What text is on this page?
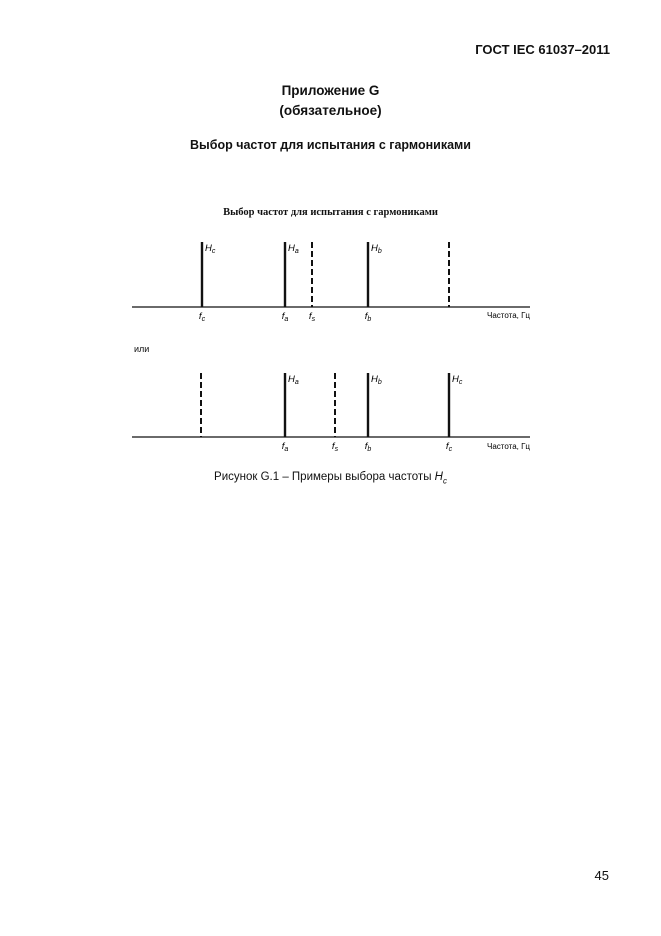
ГОСТ IEC 61037–2011
Приложение G
(обязательное)
Выбор частот для испытания с гармониками
Выбор частот для испытания с гармониками
Частота, Гц
$H_c$
$f_c$
$H_a$
$f_a$ $f_s$
$H_b$
$f_b$
Частота, Гц
$H_a$
$f_a$	$f_s$
$H_b$
$f_b$
$H_c$
$f_c$
или
Рисунок G.1 – Примеры выбора частоты $H_c$
45
